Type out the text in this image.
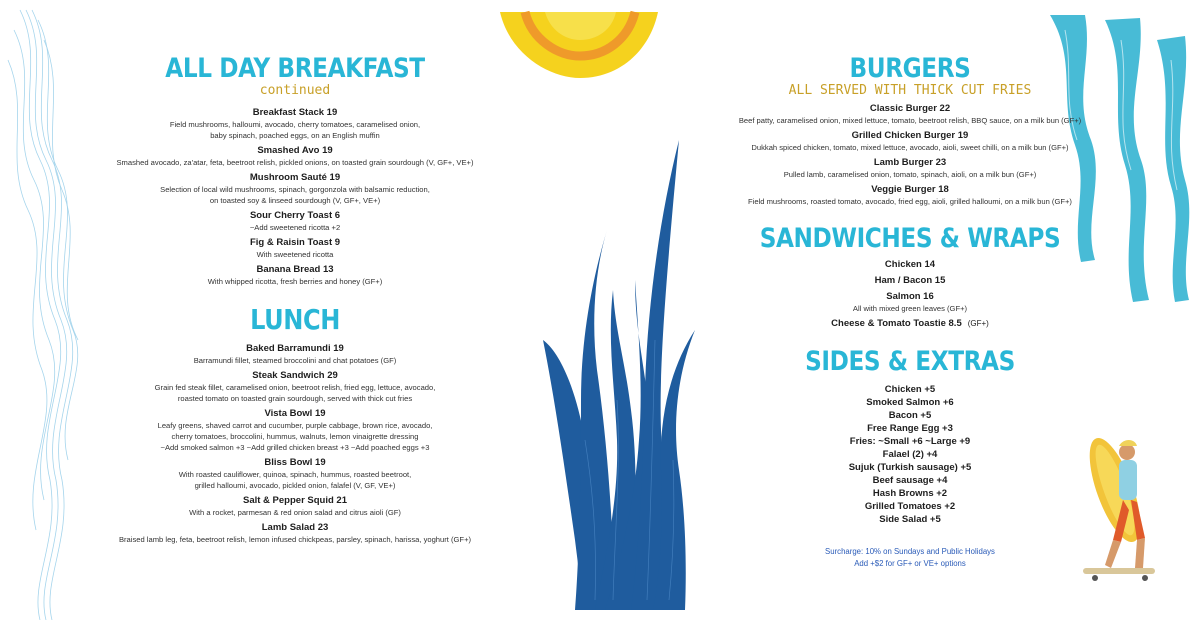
ALL DAY BREAKFAST

continued

Breakfast Stack 19
Field mushrooms, halloumi, avocado, cherry tomatoes, caramelised onion,
baby spinach, poached eggs, on an English muffin
Smashed Avo 19
Smashed avocado, za'atar, feta, beetroot relish, pickled onions, on toasted grain sourdough (V, GF+, VE+)
Mushroom Sauté 19
Selection of local wild mushrooms, spinach, gorgonzola with balsamic reduction,
on toasted soy & linseed sourdough (V, GF+, VE+)
Sour Cherry Toast 6
~Add sweetened ricotta +2
Fig & Raisin Toast 9
With sweetened ricotta
Banana Bread 13
With whipped ricotta, fresh berries and honey (GF+)
LUNCH
Baked Barramundi 19
Barramundi fillet, steamed broccolini and chat potatoes (GF)
Steak Sandwich 29
Grain fed steak fillet, caramelised onion, beetroot relish, fried egg, lettuce, avocado,
roasted tomato on toasted grain sourdough, served with thick cut fries
Vista Bowl 19
Leafy greens, shaved carrot and cucumber, purple cabbage, brown rice, avocado,
cherry tomatoes, broccolini, hummus, walnuts, lemon vinaigrette dressing
~Add smoked salmon +3 ~Add grilled chicken breast +3 ~Add poached eggs +3
Bliss Bowl 19
With roasted cauliflower, quinoa, spinach, hummus, roasted beetroot,
grilled halloumi, avocado, pickled onion, falafel (V, GF, VE+)
Salt & Pepper Squid 21
With a rocket, parmesan & red onion salad and citrus aioli (GF)
Lamb Salad 23
Braised lamb leg, feta, beetroot relish, lemon infused chickpeas, parsley, spinach, harissa, yoghurt (GF+)
BURGERS

ALL SERVED WITH THICK CUT FRIES

Classic Burger 22
Beef patty, caramelised onion, mixed lettuce, tomato, beetroot relish, BBQ sauce, on a milk bun (GF+)
Grilled Chicken Burger 19
Dukkah spiced chicken, tomato, mixed lettuce, avocado, aioli, sweet chilli, on a milk bun (GF+)
Lamb Burger 23
Pulled lamb, caramelised onion, tomato, spinach, aioli, on a milk bun (GF+)
Veggie Burger 18
Field mushrooms, roasted tomato, avocado, fried egg, aioli, grilled halloumi, on a milk bun (GF+)
SANDWICHES & WRAPS
Chicken 14
Ham / Bacon 15
Salmon 16
All with mixed green leaves (GF+)
Cheese & Tomato Toastie 8.5 (GF+)
SIDES & EXTRAS
Chicken +5
Smoked Salmon +6
Bacon +5
Free Range Egg +3
Fries: ~Small +6 ~Large +9
Falael (2) +4
Sujuk (Turkish sausage) +5
Beef sausage +4
Hash Browns +2
Grilled Tomatoes +2
Side Salad +5
Surcharge: 10% on Sundays and Public Holidays
Add +$2 for GF+ or VE+ options
